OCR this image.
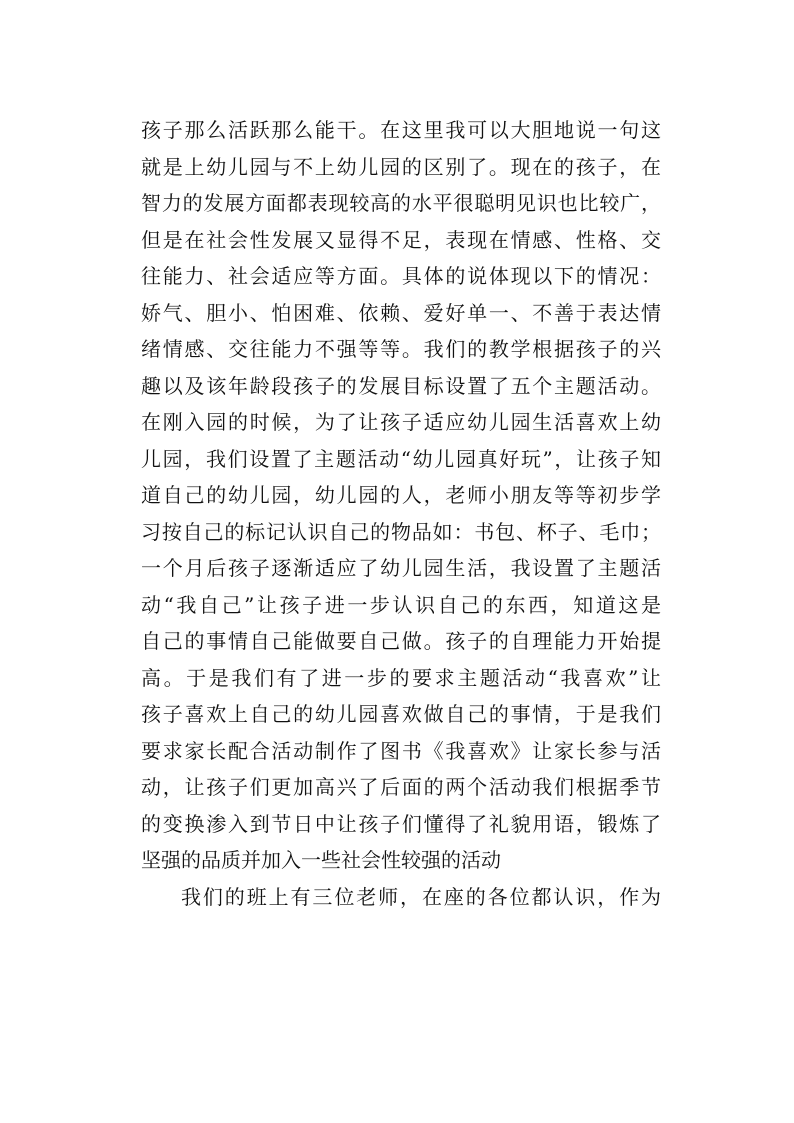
孩子那么活跃那么能干。在这里我可以大胆地说一句这
就是上幼儿园与不上幼儿园的区别了。现在的孩子，在
智力的发展方面都表现较高的水平很聪明见识也比较广，
但是在社会性发展又显得不足，表现在情感、性格、交
往能力、社会适应等方面。具体的说体现以下的情况：
娇气、胆小、怕困难、依赖、爱好单一、不善于表达情
绪情感、交往能力不强等等。我们的教学根据孩子的兴
趣以及该年龄段孩子的发展目标设置了五个主题活动。
在刚入园的时候，为了让孩子适应幼儿园生活喜欢上幼
儿园，我们设置了主题活动“幼儿园真好玩”，让孩子知
道自己的幼儿园，幼儿园的人，老师小朋友等等初步学
习按自己的标记认识自己的物品如：书包、杯子、毛巾；
一个月后孩子逐渐适应了幼儿园生活，我设置了主题活
动“我自己”让孩子进一步认识自己的东西，知道这是
自己的事情自己能做要自己做。孩子的自理能力开始提
高。于是我们有了进一步的要求主题活动“我喜欢”让
孩子喜欢上自己的幼儿园喜欢做自己的事情，于是我们
要求家长配合活动制作了图书《我喜欢》让家长参与活
动，让孩子们更加高兴了后面的两个活动我们根据季节
的变换渗入到节日中让孩子们懂得了礼貌用语，锻炼了
坚强的品质并加入一些社会性较强的活动
我们的班上有三位老师，在座的各位都认识，作为
